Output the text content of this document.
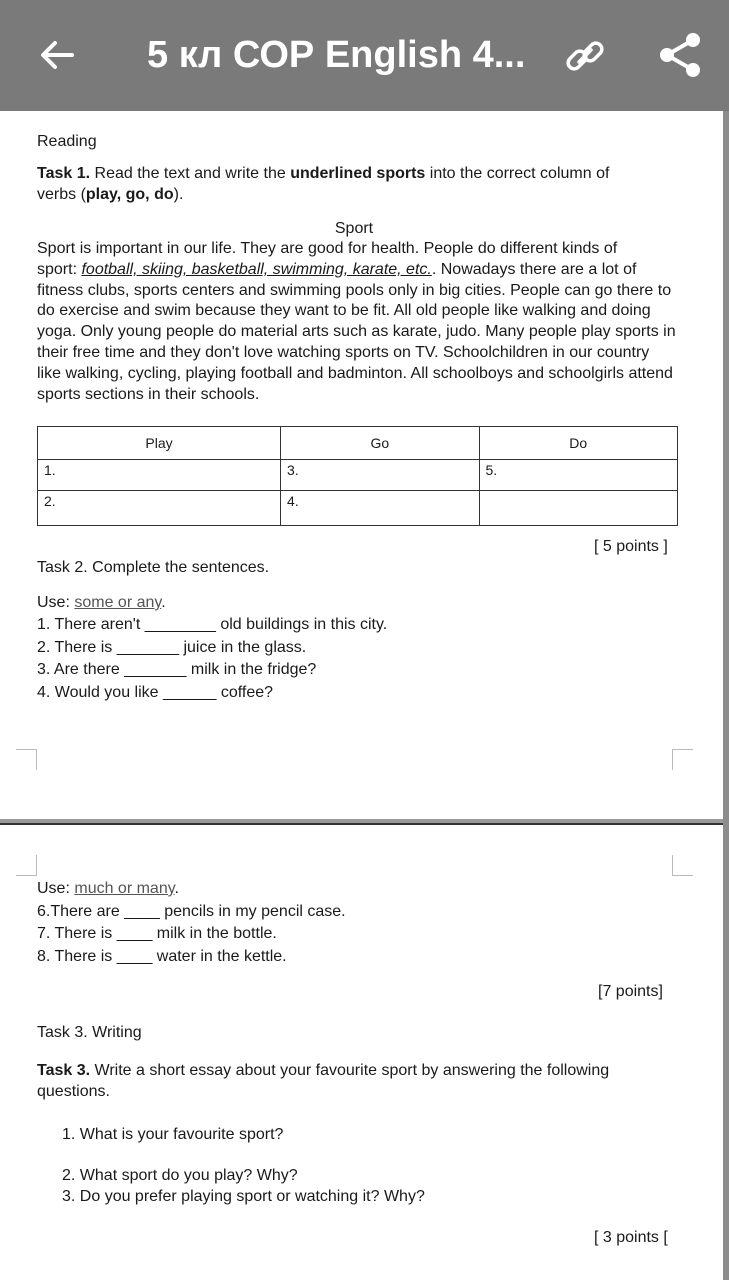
5 кл СОР English 4...
Reading
Task 1. Read the text and write the underlined sports into the correct column of
verbs (play, go, do).
Sport
Sport is important in our life. They are good for health. People do different kinds of
sport: football, skiing, basketball, swimming, karate, etc.. Nowadays there are a lot of fitness clubs, sports centers and swimming pools only in big cities. People can go there to do exercise and swim because they want to be fit. All old people like walking and doing yoga. Only young people do material arts such as karate, judo. Many people play sports in their free time and they don't love watching sports on TV. Schoolchildren in our country like walking, cycling, playing football and badminton. All schoolboys and schoolgirls attend sports sections in their schools.
Play	Go	Do
1.	3.	5.
2.	4.	
[ 5 points ]
Task 2. Complete the sentences.
Use: some or any.
1. There aren't ________ old buildings in this city.
2. There is _______ juice in the glass.
3. Are there _______ milk in the fridge?
4. Would you like ______ coffee?
Use: much or many.
6.There are ____ pencils in my pencil case.
7. There is ____ milk in the bottle.
8. There is ____ water in the kettle.
[7 points]
Task 3. Writing
Task 3. Write a short essay about your favourite sport by answering the following
questions.
1. What is your favourite sport?
2. What sport do you play? Why?
3. Do you prefer playing sport or watching it? Why?
[ 3 points [
